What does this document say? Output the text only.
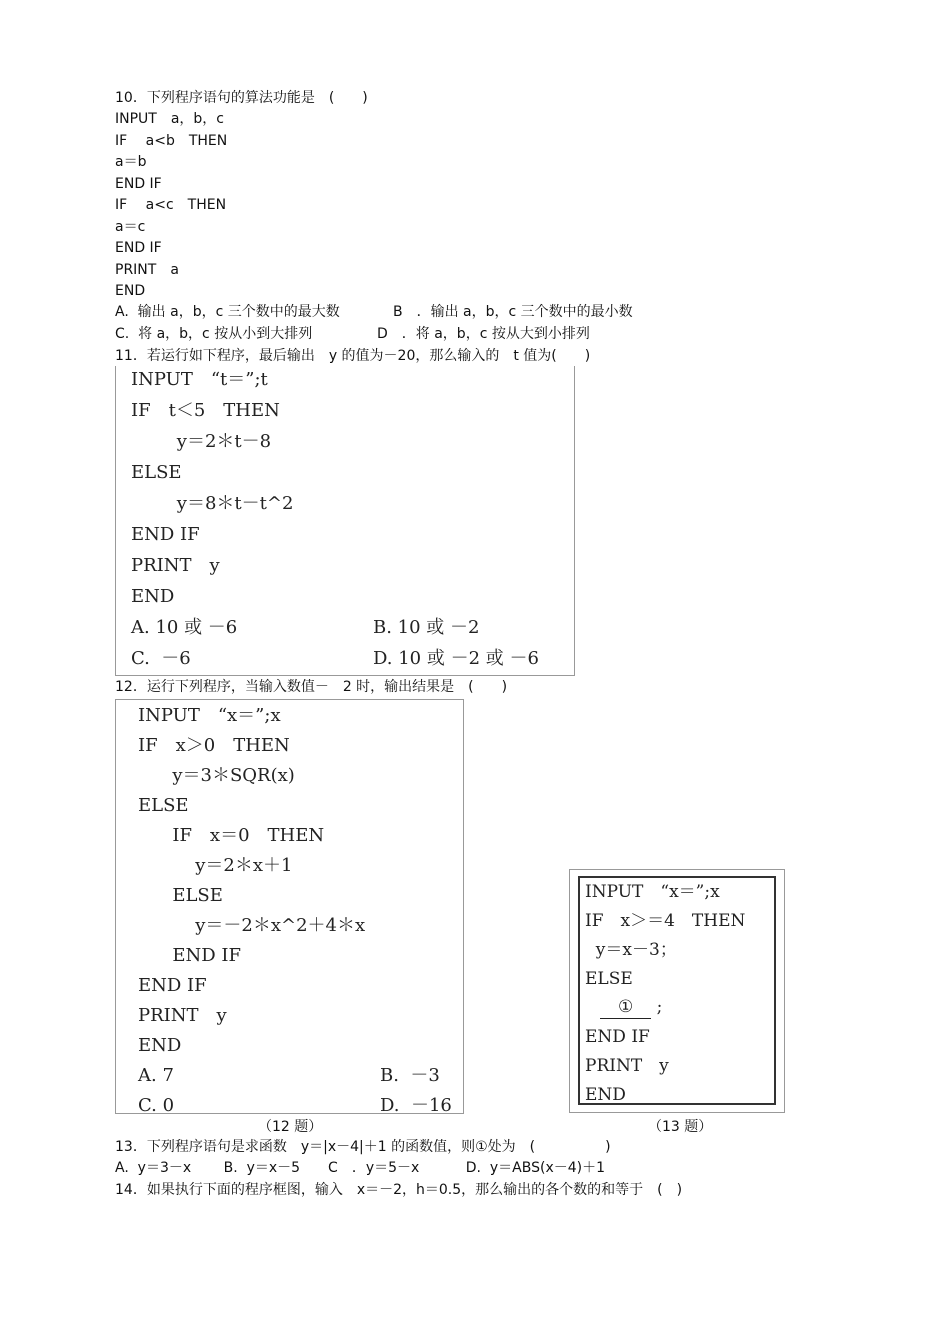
10．下列程序语句的算法功能是　(　　)
INPUT　a，b，c
IF　 a<b　THEN
a＝b
END IF
IF　 a<c　THEN
a＝c
END IF
PRINT　a
END
A.  输出 a，b，c 三个数中的最大数	B　．输出 a，b，c 三个数中的最小数
C.  将 a，b，c 按从小到大排列	D　．将 a，b，c 按从大到小排列
11．若运行如下程序，最后输出　y 的值为－20，那么输入的　t 值为(　　)
INPUT　“t＝”;t
IF　t＜5　THEN
y＝2＊t－8
ELSE
y＝8＊t－t^2
END IF
PRINT　y
END
A. 10 或 －6	B. 10 或 －2
C.  －6	D. 10 或 －2 或 －6
12．运行下列程序，当输入数值－　2 时，输出结果是　(　　)
INPUT　“x＝”;x
IF　x＞0　THEN
y＝3＊SQR(x)
ELSE
IF　x＝0　THEN
y＝2＊x＋1
ELSE
y＝－2＊x^2＋4＊x
END IF
END IF
PRINT　y
END
A. 7	B.  －3
C. 0	D.  －16
（12 题）
INPUT　“x＝”;x
IF　x＞＝4　THEN
y＝x－3；
ELSE
① ;
END IF
PRINT　y
END
（13 题）
13．下列程序语句是求函数　y＝|x－4|＋1 的函数值，则①处为　(　　　　　)
A.  y＝3－x　　 B.  y＝x－5　　C　．y＝5－x　　　 D.  y＝ABS(x－4)＋1
14．如果执行下面的程序框图，输入　x＝－2，h＝0.5，那么输出的各个数的和等于　(　)
